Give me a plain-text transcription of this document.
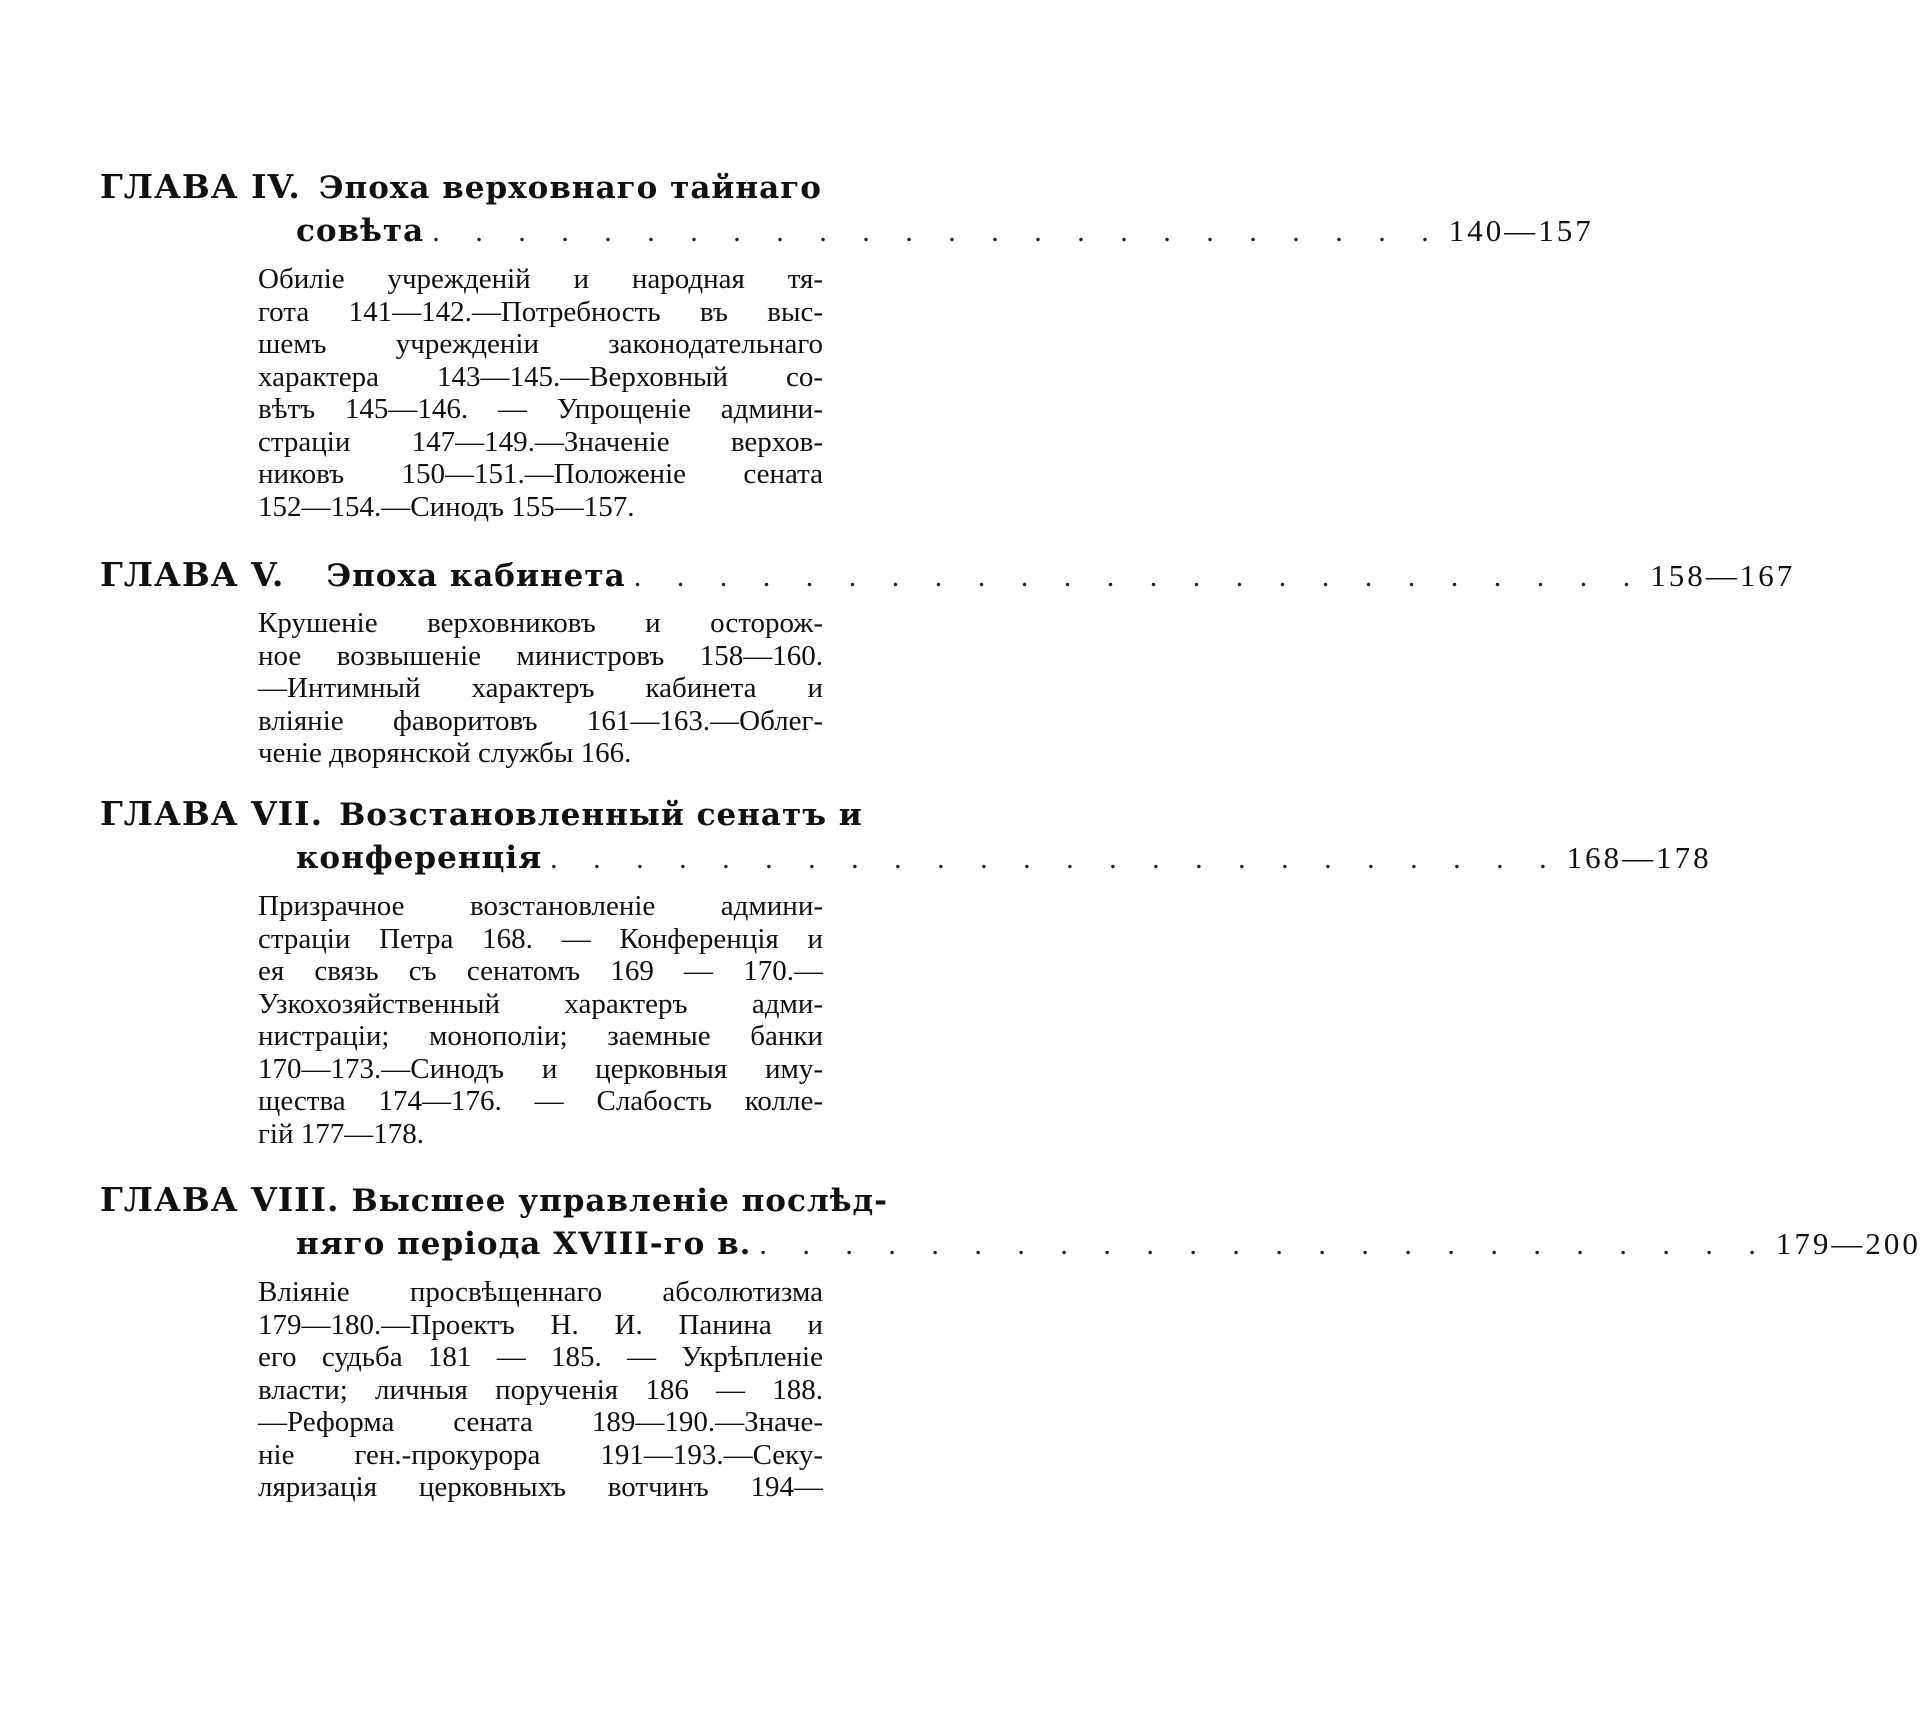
ГЛАВА IV. Эпоха верховнаго тайнаго
совѣта . . . . . . . . . . . . . . . . . . . . . . . . 140—157
Обиліе учрежденій и народная тя-
гота 141—142.—Потребность въ выс-
шемъ учрежденіи законодательнаго
характера 143—145.—Верховный со-
вѣтъ 145—146. — Упрощеніе админи-
страціи 147—149.—Значеніе верхов-
никовъ 150—151.—Положеніе сената
152—154.—Синодъ 155—157.
ГЛАВА V. Эпоха кабинета . . . . . . . . . . . . . . . . . . . . . . . . 158—167
Крушеніе верховниковъ и осторож-
ное возвышеніе министровъ 158—160.
—Интимный характеръ кабинета и
вліяніе фаворитовъ 161—163.—Облег-
ченіе дворянской службы 166.
ГЛАВА VII. Возстановленный сенатъ и
конференція . . . . . . . . . . . . . . . . . . . . . . . . 168—178
Призрачное возстановленіе админи-
страціи Петра 168. — Конференція и
ея связь съ сенатомъ 169 — 170.—
Узкохозяйственный характеръ адми-
нистраціи; монополіи; заемные банки
170—173.—Синодъ и церковныя иму-
щества 174—176. — Слабость колле-
гій 177—178.
ГЛАВА VIII. Высшее управленіе послѣд-
няго періода XVIII-го в. . . . . . . . . . . . . . . . . . . . . . . . . 179—200
Вліяніе просвѣщеннаго абсолютизма
179—180.—Проектъ Н. И. Панина и
его судьба 181 — 185. — Укрѣпленіе
власти; личныя порученія 186 — 188.
—Реформа сената 189—190.—Значе-
ніе ген.-прокурора 191—193.—Секу-
ляризація церковныхъ вотчинъ 194—
